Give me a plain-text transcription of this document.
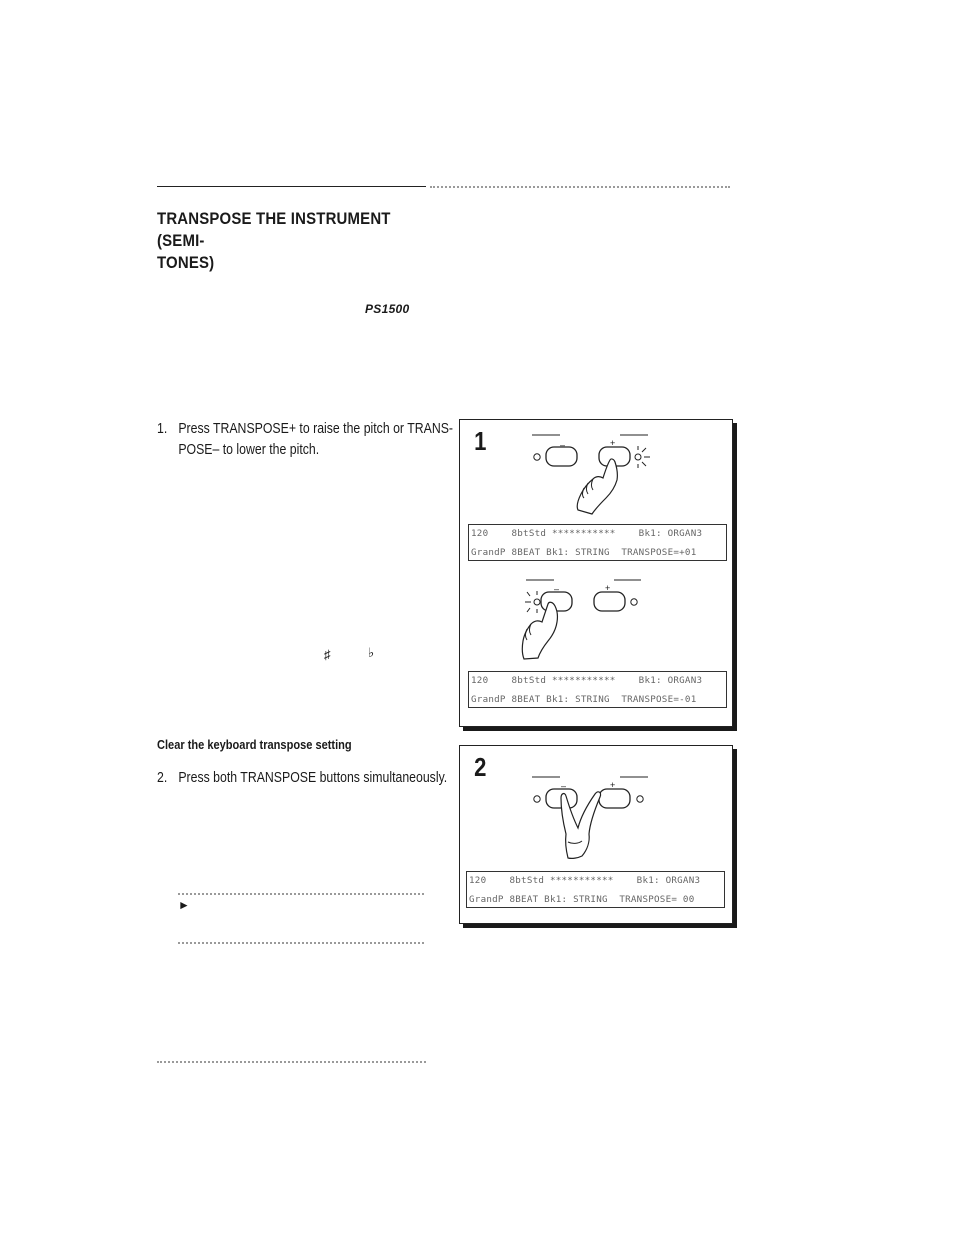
TRANSPOSE THE INSTRUMENT (SEMI-
TONES)
PS1500
1. Press TRANSPOSE+ to raise the pitch or TRANS-
POSE– to lower the pitch.
♯	♭
Clear the keyboard transpose setting
2. Press both TRANSPOSE buttons simultaneously.
►
1	–	+
–	+
120    8btStd ***********    Bk1: ORGAN3
GrandP 8BEAT Bk1: STRING  TRANSPOSE=+01
120    8btStd ***********    Bk1: ORGAN3
GrandP 8BEAT Bk1: STRING  TRANSPOSE=-01
2
–	+
120    8btStd ***********    Bk1: ORGAN3
GrandP 8BEAT Bk1: STRING  TRANSPOSE= 00
